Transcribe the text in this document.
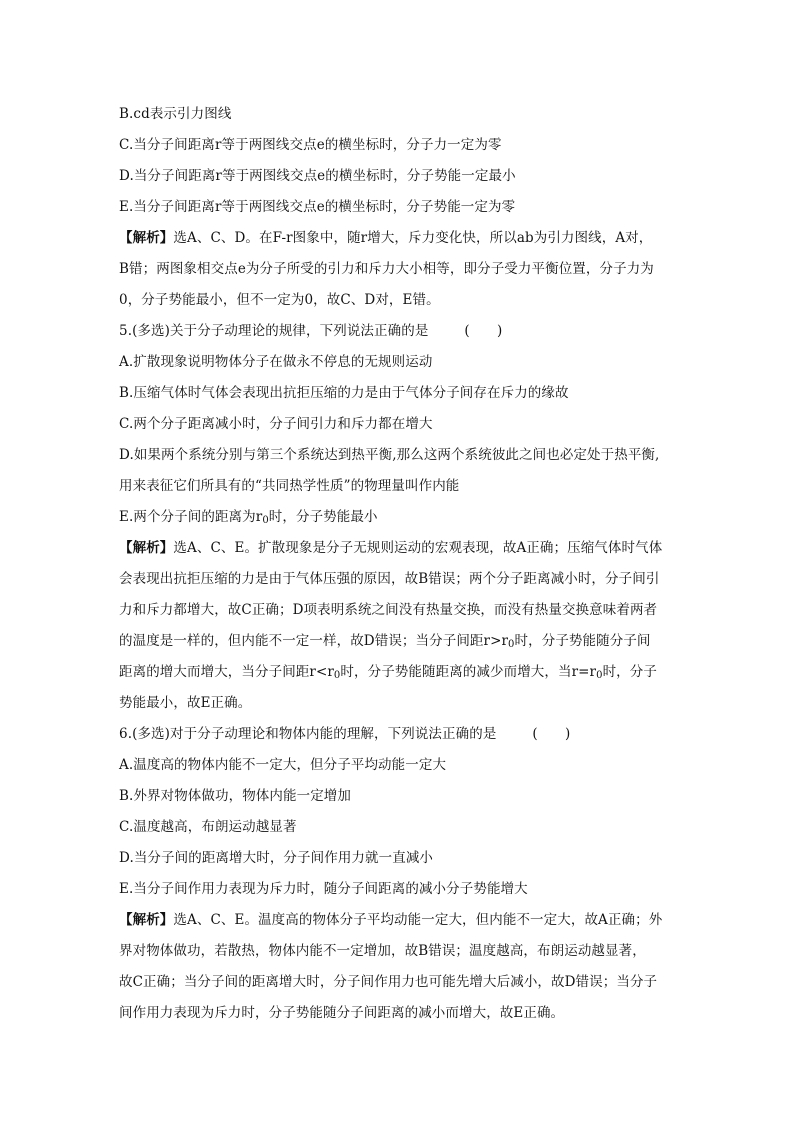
B.cd表示引力图线
C.当分子间距离r等于两图线交点e的横坐标时，分子力一定为零
D.当分子间距离r等于两图线交点e的横坐标时，分子势能一定最小
E.当分子间距离r等于两图线交点e的横坐标时，分子势能一定为零
【解析】选A、C、D。在F-r图象中，随r增大，斥力变化快，所以ab为引力图线，A对，
B错；两图象相交点e为分子所受的引力和斥力大小相等，即分子受力平衡位置，分子力为
0，分子势能最小，但不一定为0，故C、D对，E错。
5.(多选)关于分子动理论的规律，下列说法正确的是	(　　)
A.扩散现象说明物体分子在做永不停息的无规则运动
B.压缩气体时气体会表现出抗拒压缩的力是由于气体分子间存在斥力的缘故
C.两个分子距离减小时，分子间引力和斥力都在增大
D.如果两个系统分别与第三个系统达到热平衡,那么这两个系统彼此之间也必定处于热平衡,
用来表征它们所具有的“共同热学性质”的物理量叫作内能
E.两个分子间的距离为$r_0$时，分子势能最小
【解析】选A、C、E。扩散现象是分子无规则运动的宏观表现，故A正确；压缩气体时气体
会表现出抗拒压缩的力是由于气体压强的原因，故B错误；两个分子距离减小时，分子间引
力和斥力都增大，故C正确；D项表明系统之间没有热量交换，而没有热量交换意味着两者
的温度是一样的，但内能不一定一样，故D错误；当分子间距$r>r_0$时，分子势能随分子间
距离的增大而增大，当分子间距$r<r_0$时，分子势能随距离的减少而增大，当$r=r_0$时，分子
势能最小，故E正确。
6.(多选)对于分子动理论和物体内能的理解，下列说法正确的是	(　　)
A.温度高的物体内能不一定大，但分子平均动能一定大
B.外界对物体做功，物体内能一定增加
C.温度越高，布朗运动越显著
D.当分子间的距离增大时，分子间作用力就一直减小
E.当分子间作用力表现为斥力时，随分子间距离的减小分子势能增大
【解析】选A、C、E。温度高的物体分子平均动能一定大，但内能不一定大，故A正确；外
界对物体做功，若散热，物体内能不一定增加，故B错误；温度越高，布朗运动越显著，
故C正确；当分子间的距离增大时，分子间作用力也可能先增大后减小，故D错误；当分子
间作用力表现为斥力时，分子势能随分子间距离的减小而增大，故E正确。
